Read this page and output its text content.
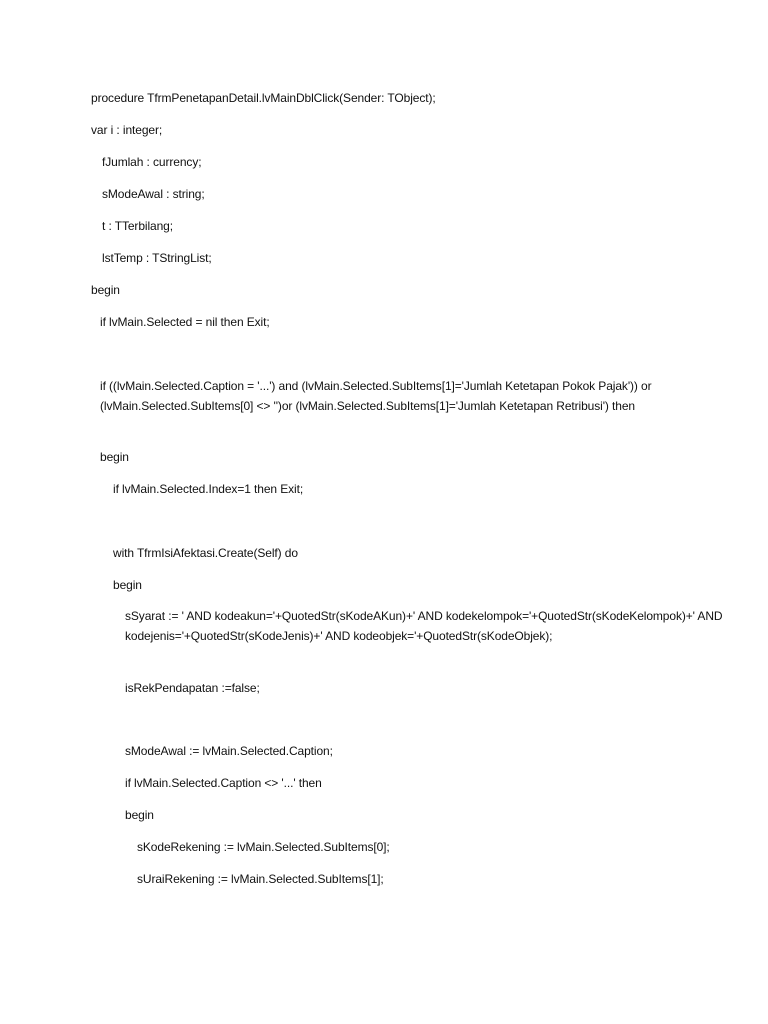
procedure TfrmPenetapanDetail.lvMainDblClick(Sender: TObject);
var i : integer;
fJumlah : currency;
sModeAwal : string;
t : TTerbilang;
lstTemp : TStringList;
begin
if lvMain.Selected = nil then Exit;
if ((lvMain.Selected.Caption = '...') and (lvMain.Selected.SubItems[1]='Jumlah Ketetapan Pokok Pajak')) or (lvMain.Selected.SubItems[0] <> '')or (lvMain.Selected.SubItems[1]='Jumlah Ketetapan Retribusi') then
begin
if lvMain.Selected.Index=1 then Exit;
with TfrmIsiAfektasi.Create(Self) do
begin
sSyarat := ' AND kodeakun='+QuotedStr(sKodeAKun)+' AND kodekelompok='+QuotedStr(sKodeKelompok)+' AND kodejenis='+QuotedStr(sKodeJenis)+' AND kodeobjek='+QuotedStr(sKodeObjek);
isRekPendapatan :=false;
sModeAwal := lvMain.Selected.Caption;
if lvMain.Selected.Caption <> '...' then
begin
sKodeRekening := lvMain.Selected.SubItems[0];
sUraiRekening := lvMain.Selected.SubItems[1];
